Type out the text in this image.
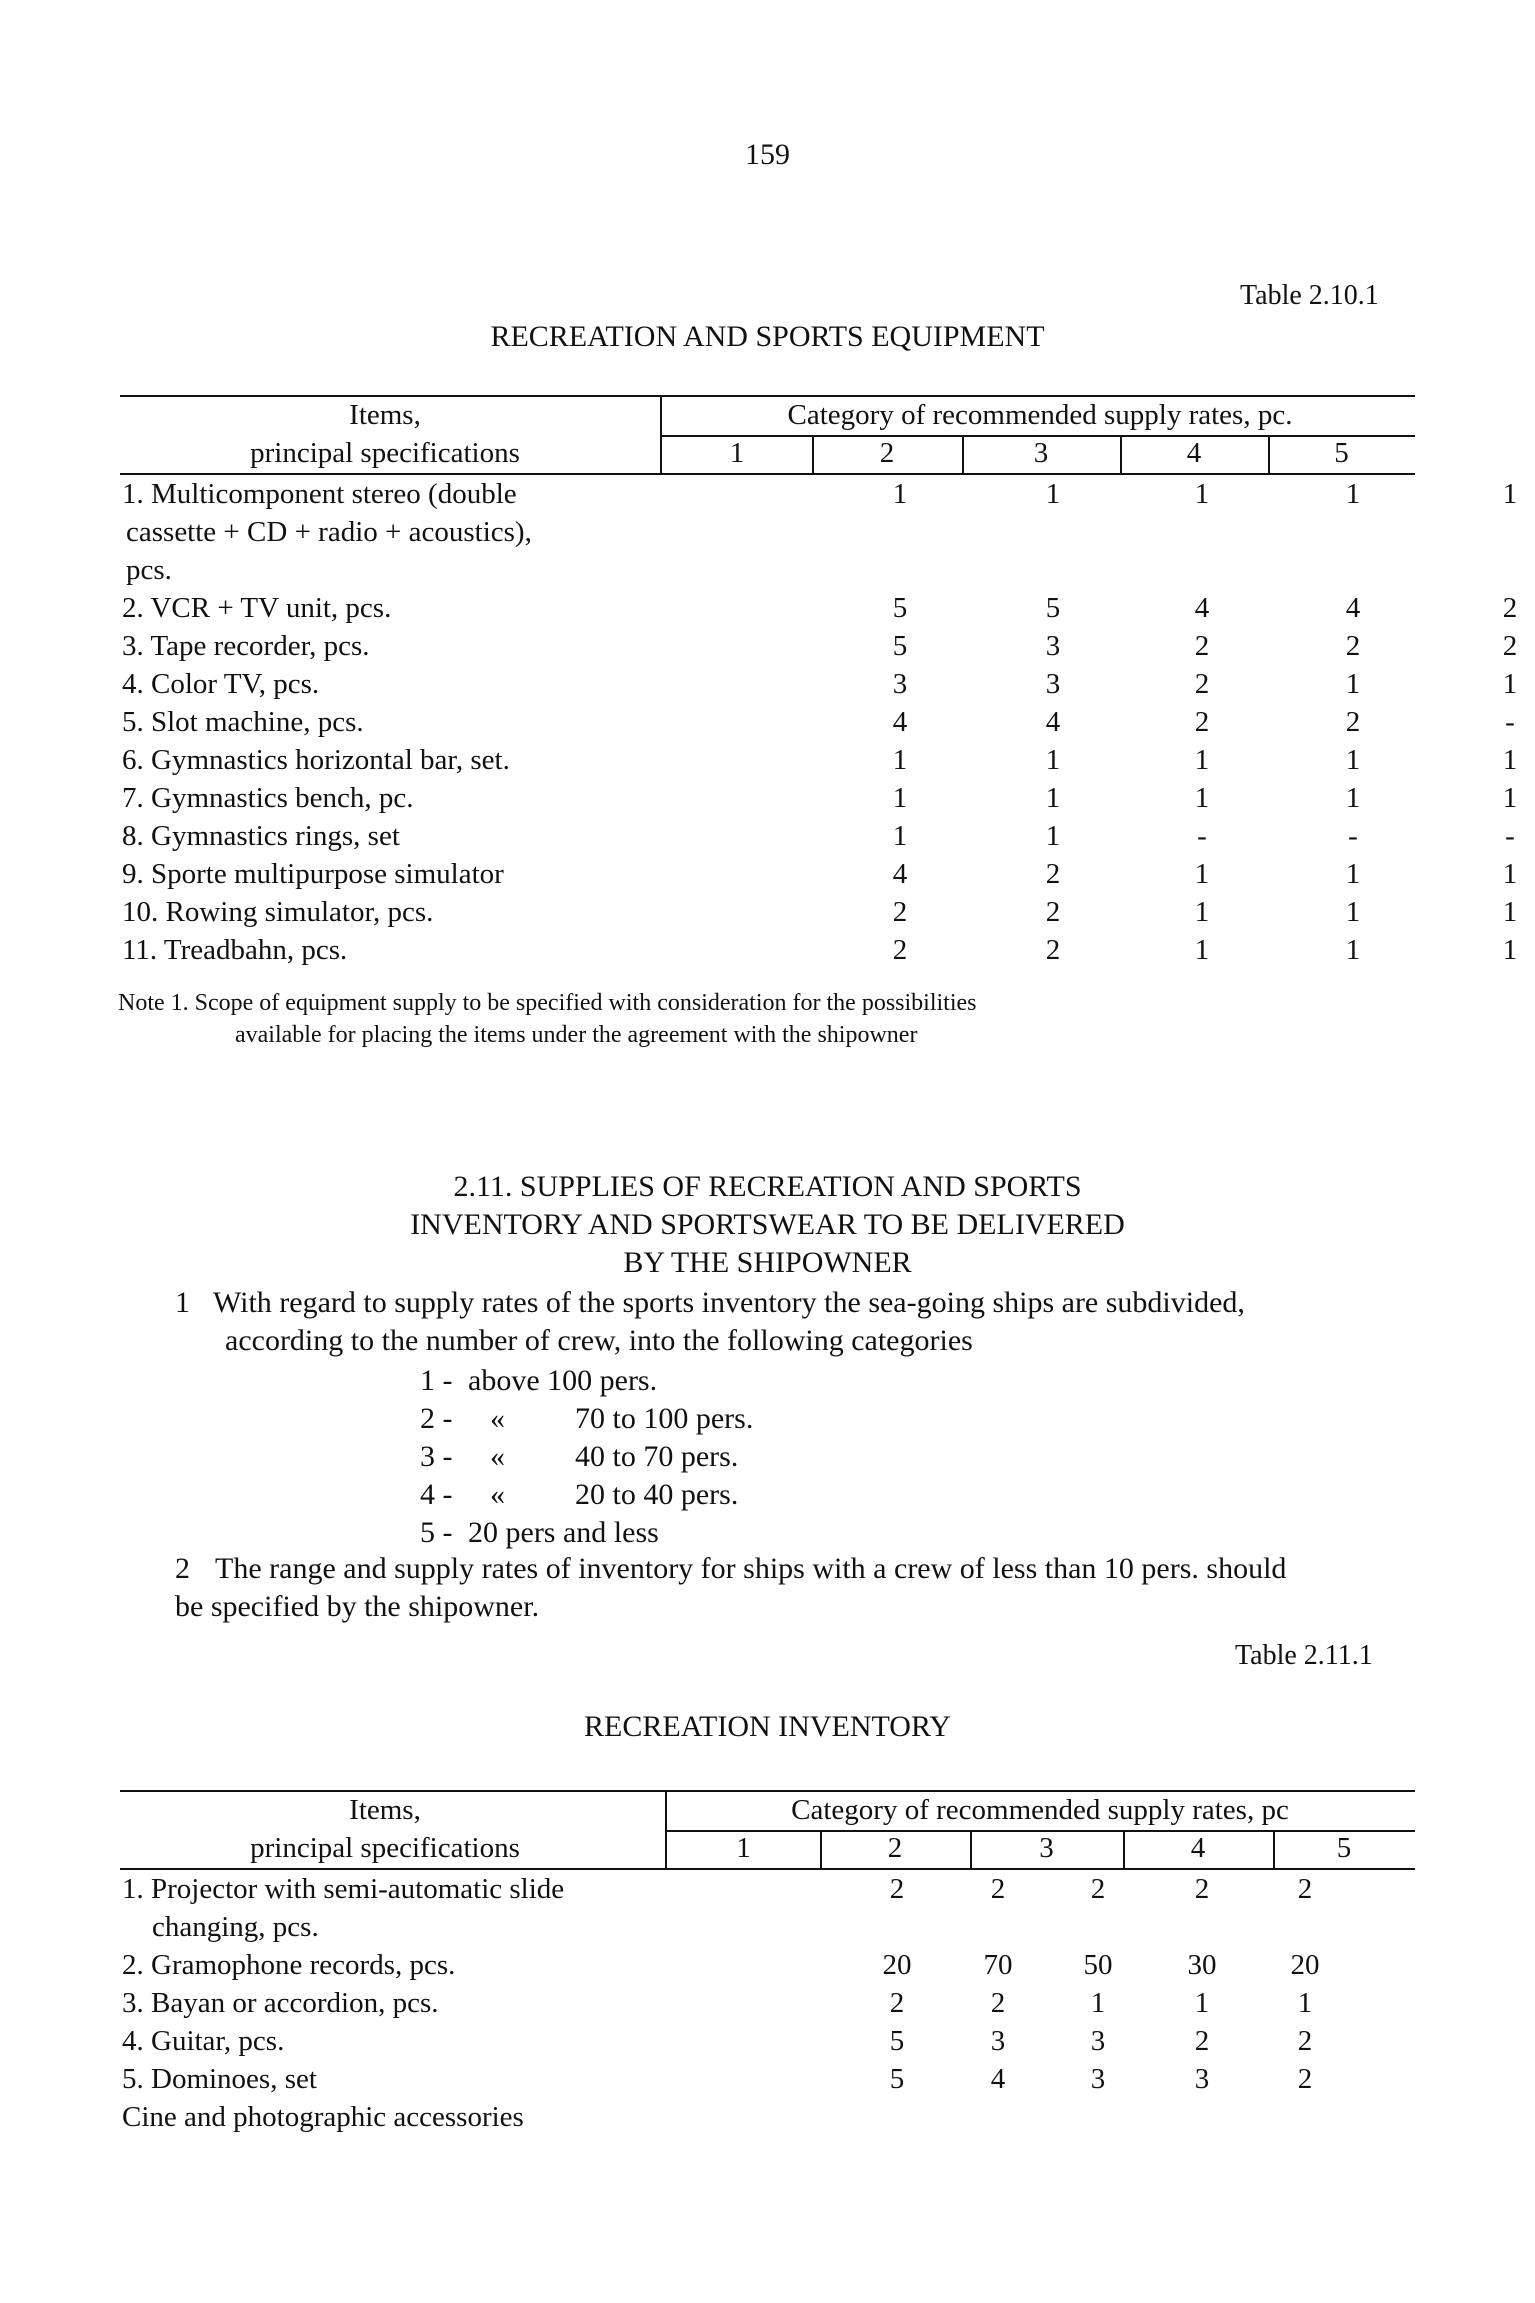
159
Table 2.10.1
RECREATION AND SPORTS EQUIPMENT
Items,
principal specifications
Category of recommended supply rates, pc.
1	2	3	4	5
1. Multicomponent stereo (double
cassette + CD + radio + acoustics),
pcs.
1	1	1	1	1
2. VCR + TV unit, pcs.	5	5	4	4	2
3. Tape recorder, pcs.	5	3	2	2	2
4. Color TV, pcs.	3	3	2	1	1
5. Slot machine, pcs.	4	4	2	2	-
6. Gymnastics horizontal bar, set.	1	1	1	1	1
7. Gymnastics bench, pc.	1	1	1	1	1
8. Gymnastics rings, set	1	1	-	-	-
9. Sporte multipurpose simulator	4	2	1	1	1
10. Rowing simulator, pcs.	2	2	1	1	1
11. Treadbahn, pcs.	2	2	1	1	1
Note 1. Scope of equipment supply to be specified with consideration for the possibilities
available for placing the items under the agreement with the shipowner
2.11. SUPPLIES OF RECREATION AND SPORTS
INVENTORY AND SPORTSWEAR TO BE DELIVERED
BY THE SHIPOWNER
1 With regard to supply rates of the sports inventory the sea-going ships are subdivided,
according to the number of crew, into the following categories
1 - above 100 pers.
2 - « 70 to 100 pers.
3 - « 40 to 70 pers.
4 - « 20 to 40 pers.
5 - 20 pers and less
2 The range and supply rates of inventory for ships with a crew of less than 10 pers. should
be specified by the shipowner.
Table 2.11.1
RECREATION INVENTORY
Items,
principal specifications
Category of recommended supply rates, pc
1	2	3	4	5
1. Projector with semi-automatic slide
changing, pcs.
2	2	2	2	2
2. Gramophone records, pcs.	20	70	50	30	20
3. Bayan or accordion, pcs.	2	2	1	1	1
4. Guitar, pcs.	5	3	3	2	2
5. Dominoes, set	5	4	3	3	2
Cine and photographic accessories
